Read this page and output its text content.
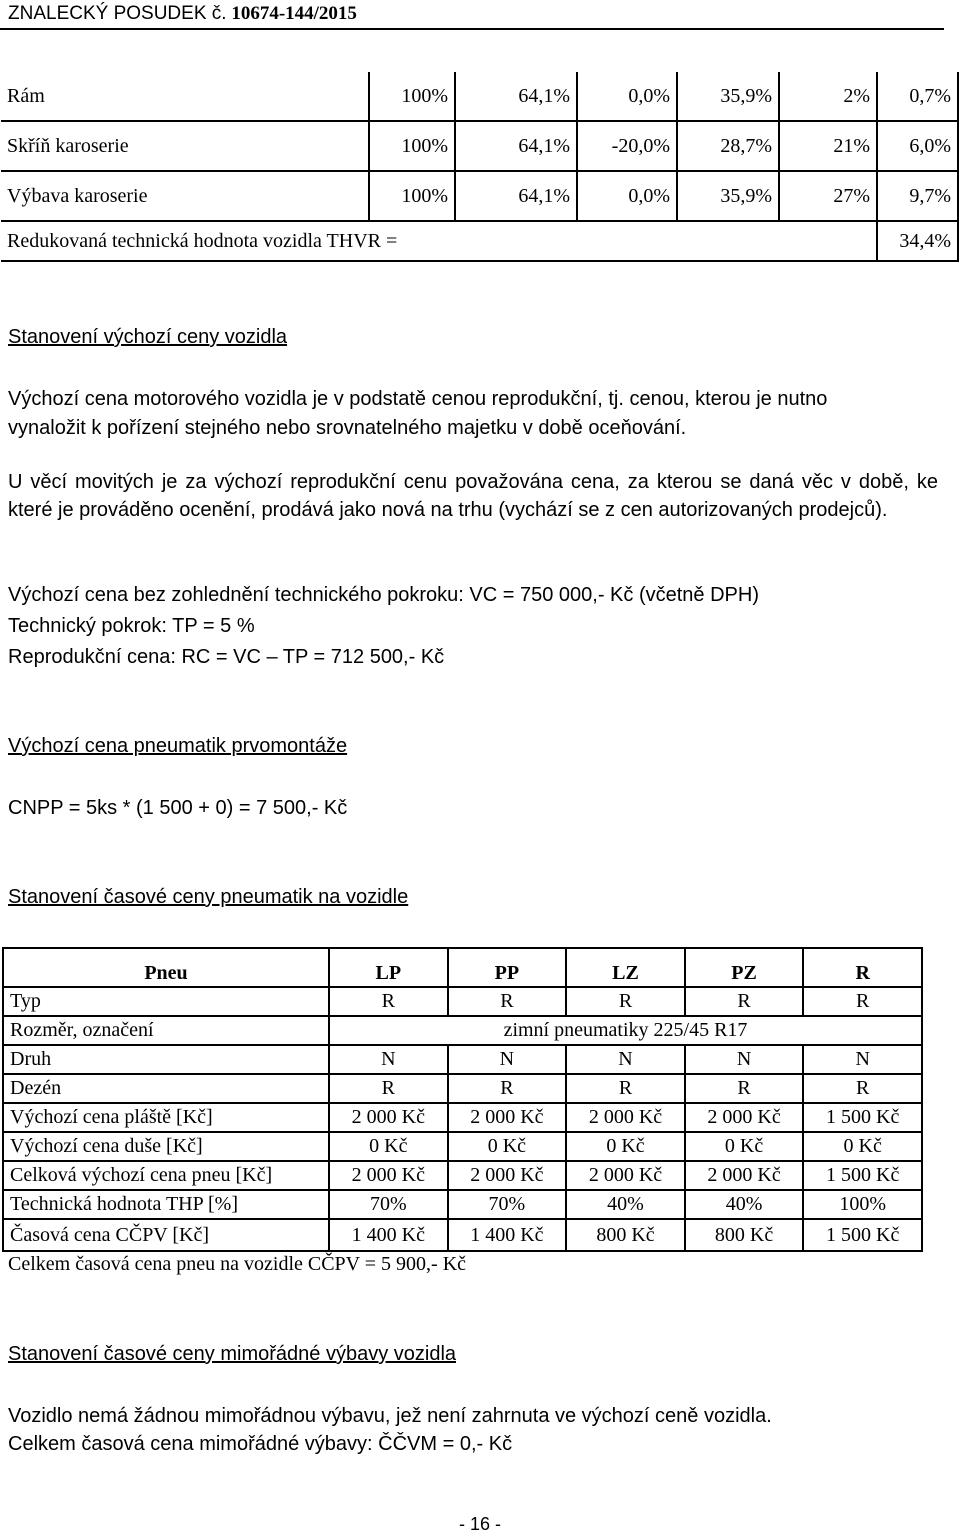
ZNALECKÝ POSUDEK č. 10674-144/2015
Rám	100%	64,1%	0,0%	35,9%	2%	0,7%
Skříň karoserie	100%	64,1%	-20,0%	28,7%	21%	6,0%
Výbava karoserie	100%	64,1%	0,0%	35,9%	27%	9,7%
Redukovaná technická hodnota vozidla THVR =						34,4%
Stanovení výchozí ceny vozidla
Výchozí cena motorového vozidla je v podstatě cenou reprodukční, tj. cenou, kterou je nutno
vynaložit k pořízení stejného nebo srovnatelného majetku v době oceňování.
U věcí movitých je za výchozí reprodukční cenu považována cena, za kterou se daná věc v době, ke které je prováděno ocenění, prodává jako nová na trhu (vychází se z cen autorizovaných prodejců).
Výchozí cena bez zohlednění technického pokroku: VC = 750 000,- Kč (včetně DPH)
Technický pokrok: TP = 5 %
Reprodukční cena: RC = VC – TP = 712 500,- Kč
Výchozí cena pneumatik prvomontáže
CNPP = 5ks * (1 500 + 0) = 7 500,- Kč
Stanovení časové ceny pneumatik na vozidle
Pneu	LP	PP	LZ	PZ	R
Typ	R	R	R	R	R
Rozměr, označení	zimní pneumatiky 225/45 R17				
Druh	N	N	N	N	N
Dezén	R	R	R	R	R
Výchozí cena pláště [Kč]	2 000 Kč	2 000 Kč	2 000 Kč	2 000 Kč	1 500 Kč
Výchozí cena duše [Kč]	0 Kč	0 Kč	0 Kč	0 Kč	0 Kč
Celková výchozí cena pneu [Kč]	2 000 Kč	2 000 Kč	2 000 Kč	2 000 Kč	1 500 Kč
Technická hodnota THP [%]	70%	70%	40%	40%	100%
Časová cena CČPV [Kč]	1 400 Kč	1 400 Kč	800 Kč	800 Kč	1 500 Kč
Celkem časová cena pneu na vozidle CČPV = 5 900,- Kč
Stanovení časové ceny mimořádné výbavy vozidla
Vozidlo nemá žádnou mimořádnou výbavu, jež není zahrnuta ve výchozí ceně vozidla.
Celkem časová cena mimořádné výbavy: ČČVM = 0,- Kč
- 16 -
